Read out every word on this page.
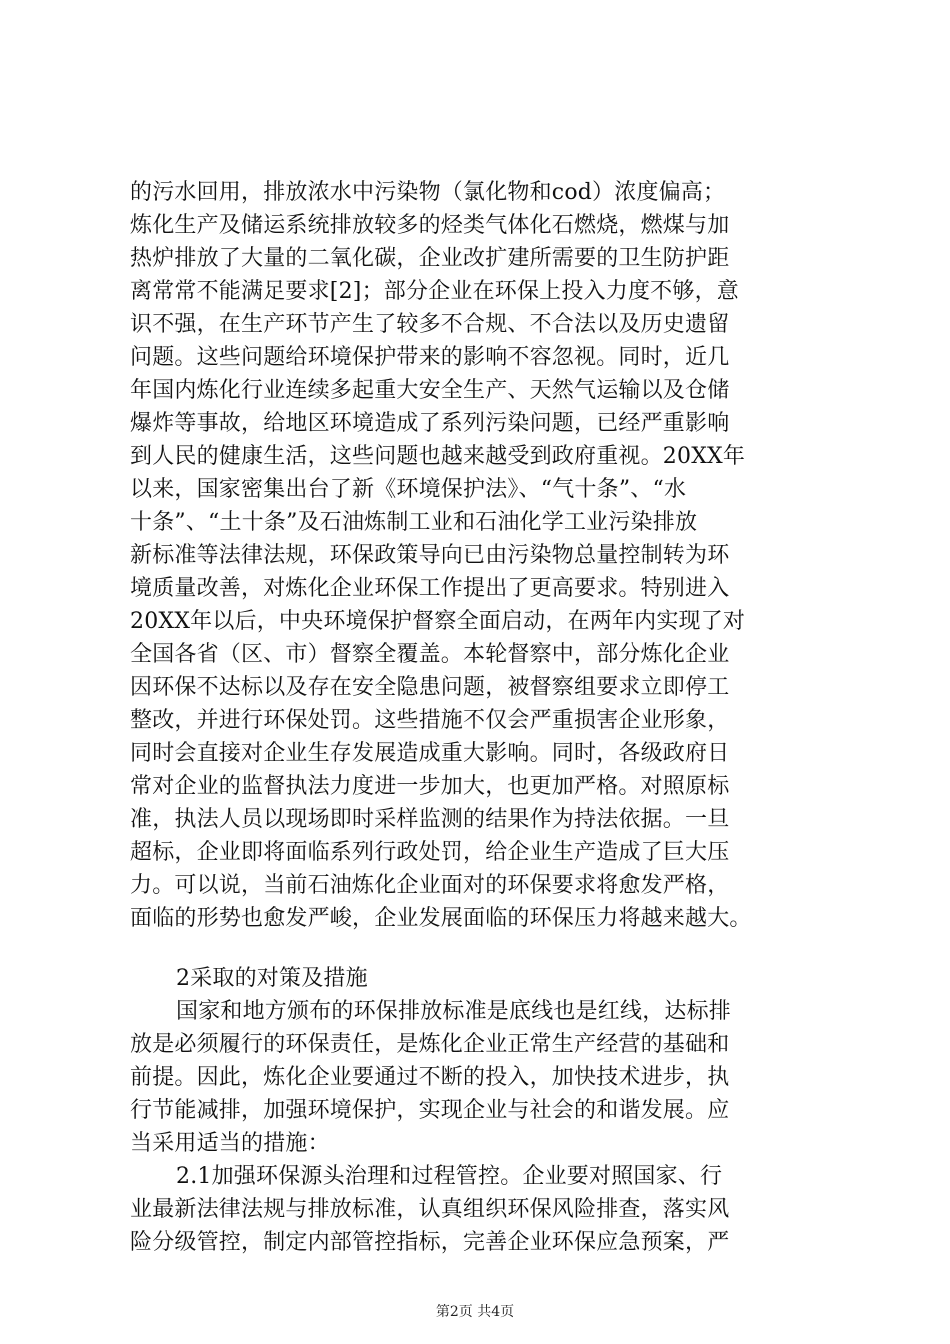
的污水回用，排放浓水中污染物（氯化物和cod）浓度偏高；
炼化生产及储运系统排放较多的烃类气体化石燃烧，燃煤与加
热炉排放了大量的二氧化碳，企业改扩建所需要的卫生防护距
离常常不能满足要求[2]；部分企业在环保上投入力度不够，意
识不强，在生产环节产生了较多不合规、不合法以及历史遗留
问题。这些问题给环境保护带来的影响不容忽视。同时，近几
年国内炼化行业连续多起重大安全生产、天然气运输以及仓储
爆炸等事故，给地区环境造成了系列污染问题，已经严重影响
到人民的健康生活，这些问题也越来越受到政府重视。20XX年
以来，国家密集出台了新《环境保护法》、“气十条”、“水
十条”、“土十条”及石油炼制工业和石油化学工业污染排放
新标准等法律法规，环保政策导向已由污染物总量控制转为环
境质量改善，对炼化企业环保工作提出了更高要求。特别进入
20XX年以后，中央环境保护督察全面启动，在两年内实现了对
全国各省（区、市）督察全覆盖。本轮督察中，部分炼化企业
因环保不达标以及存在安全隐患问题，被督察组要求立即停工
整改，并进行环保处罚。这些措施不仅会严重损害企业形象，
同时会直接对企业生存发展造成重大影响。同时，各级政府日
常对企业的监督执法力度进一步加大，也更加严格。对照原标
准，执法人员以现场即时采样监测的结果作为持法依据。一旦
超标，企业即将面临系列行政处罚，给企业生产造成了巨大压
力。可以说，当前石油炼化企业面对的环保要求将愈发严格，
面临的形势也愈发严峻，企业发展面临的环保压力将越来越大。
2采取的对策及措施
国家和地方颁布的环保排放标准是底线也是红线，达标排
放是必须履行的环保责任，是炼化企业正常生产经营的基础和
前提。因此，炼化企业要通过不断的投入，加快技术进步，执
行节能减排，加强环境保护，实现企业与社会的和谐发展。应
当采用适当的措施：
2.1加强环保源头治理和过程管控。企业要对照国家、行
业最新法律法规与排放标准，认真组织环保风险排查，落实风
险分级管控，制定内部管控指标，完善企业环保应急预案，严
第2页 共4页
